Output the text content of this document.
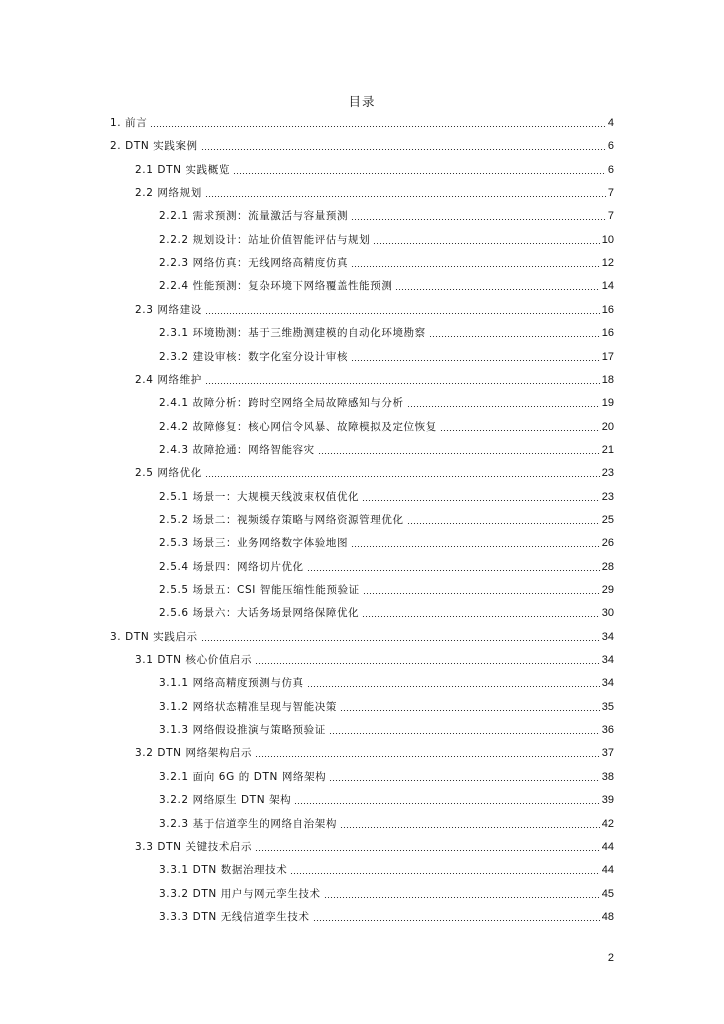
目录
1. 前言	4
2. DTN 实践案例	6
2.1 DTN 实践概览	6
2.2 网络规划	7
2.2.1 需求预测：流量激活与容量预测	7
2.2.2 规划设计：站址价值智能评估与规划	10
2.2.3 网络仿真：无线网络高精度仿真	12
2.2.4 性能预测：复杂环境下网络覆盖性能预测	14
2.3 网络建设	16
2.3.1 环境勘测：基于三维勘测建模的自动化环境勘察	16
2.3.2 建设审核：数字化室分设计审核	17
2.4 网络维护	18
2.4.1 故障分析：跨时空网络全局故障感知与分析	19
2.4.2 故障修复：核心网信令风暴、故障模拟及定位恢复	20
2.4.3 故障抢通：网络智能容灾	21
2.5 网络优化	23
2.5.1 场景一：大规模天线波束权值优化	23
2.5.2 场景二：视频缓存策略与网络资源管理优化	25
2.5.3 场景三：业务网络数字体验地图	26
2.5.4 场景四：网络切片优化	28
2.5.5 场景五：CSI 智能压缩性能预验证	29
2.5.6 场景六：大话务场景网络保障优化	30
3. DTN 实践启示	34
3.1 DTN 核心价值启示	34
3.1.1 网络高精度预测与仿真	34
3.1.2 网络状态精准呈现与智能决策	35
3.1.3 网络假设推演与策略预验证	36
3.2 DTN 网络架构启示	37
3.2.1 面向 6G 的 DTN 网络架构	38
3.2.2 网络原生 DTN 架构	39
3.2.3 基于信道孪生的网络自治架构	42
3.3 DTN 关键技术启示	44
3.3.1 DTN 数据治理技术	44
3.3.2 DTN 用户与网元孪生技术	45
3.3.3 DTN 无线信道孪生技术	48
2
